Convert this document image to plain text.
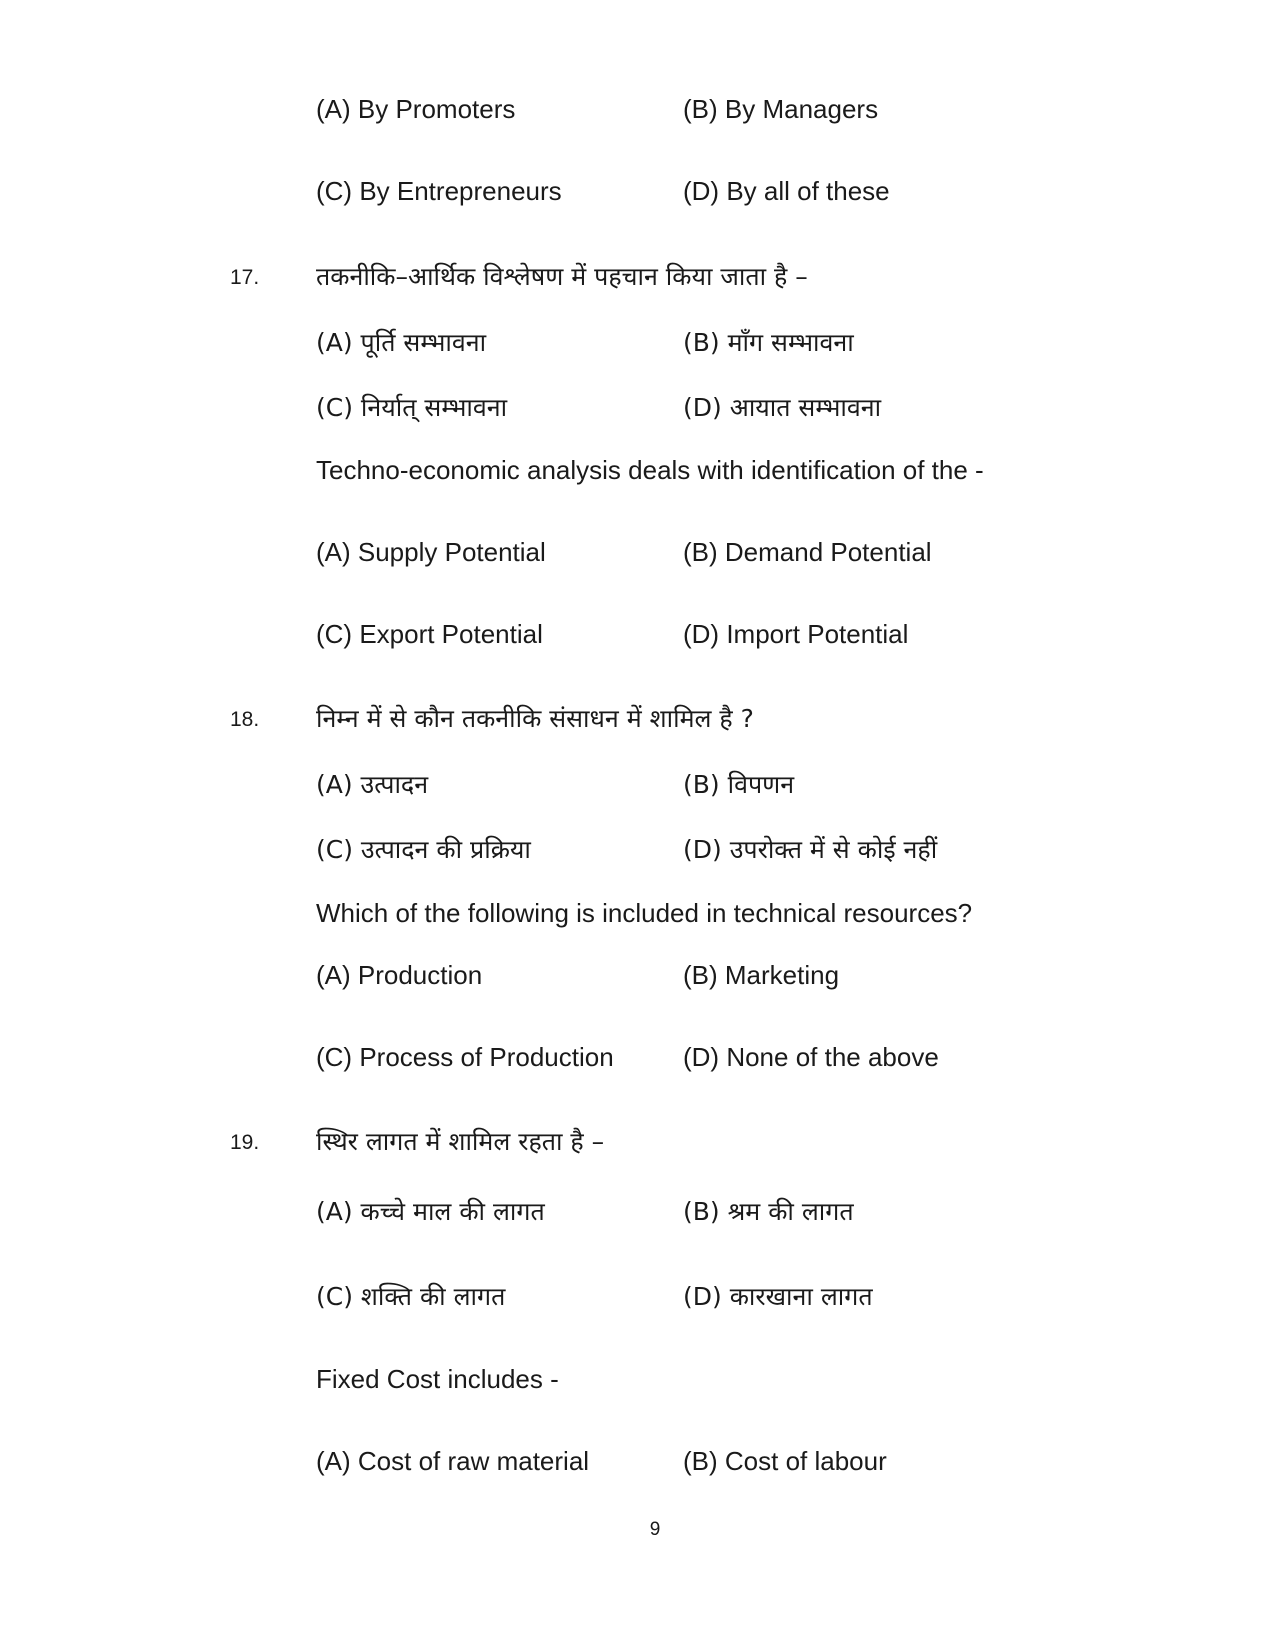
(A) By Promoters	(B) By Managers
(C) By Entrepreneurs	(D) By all of these
17. तकनीकि–आर्थिक विश्लेषण में पहचान किया जाता है –
(A) पूर्ति सम्भावना	(B) माँग सम्भावना
(C) निर्यात् सम्भावना	(D) आयात सम्भावना
Techno-economic analysis deals with identification of the -
(A) Supply Potential	(B) Demand Potential
(C) Export Potential	(D) Import Potential
18. निम्न में से कौन तकनीकि संसाधन में शामिल है ?
(A) उत्पादन	(B) विपणन
(C) उत्पादन की प्रक्रिया	(D) उपरोक्त में से कोई नहीं
Which of the following is included in technical resources?
(A) Production	(B) Marketing
(C) Process of Production	(D) None of the above
19. स्थिर लागत में शामिल रहता है –
(A) कच्चे माल की लागत	(B) श्रम की लागत
(C) शक्ति की लागत	(D) कारखाना लागत
Fixed Cost includes -
(A) Cost of raw material	(B) Cost of labour
9
